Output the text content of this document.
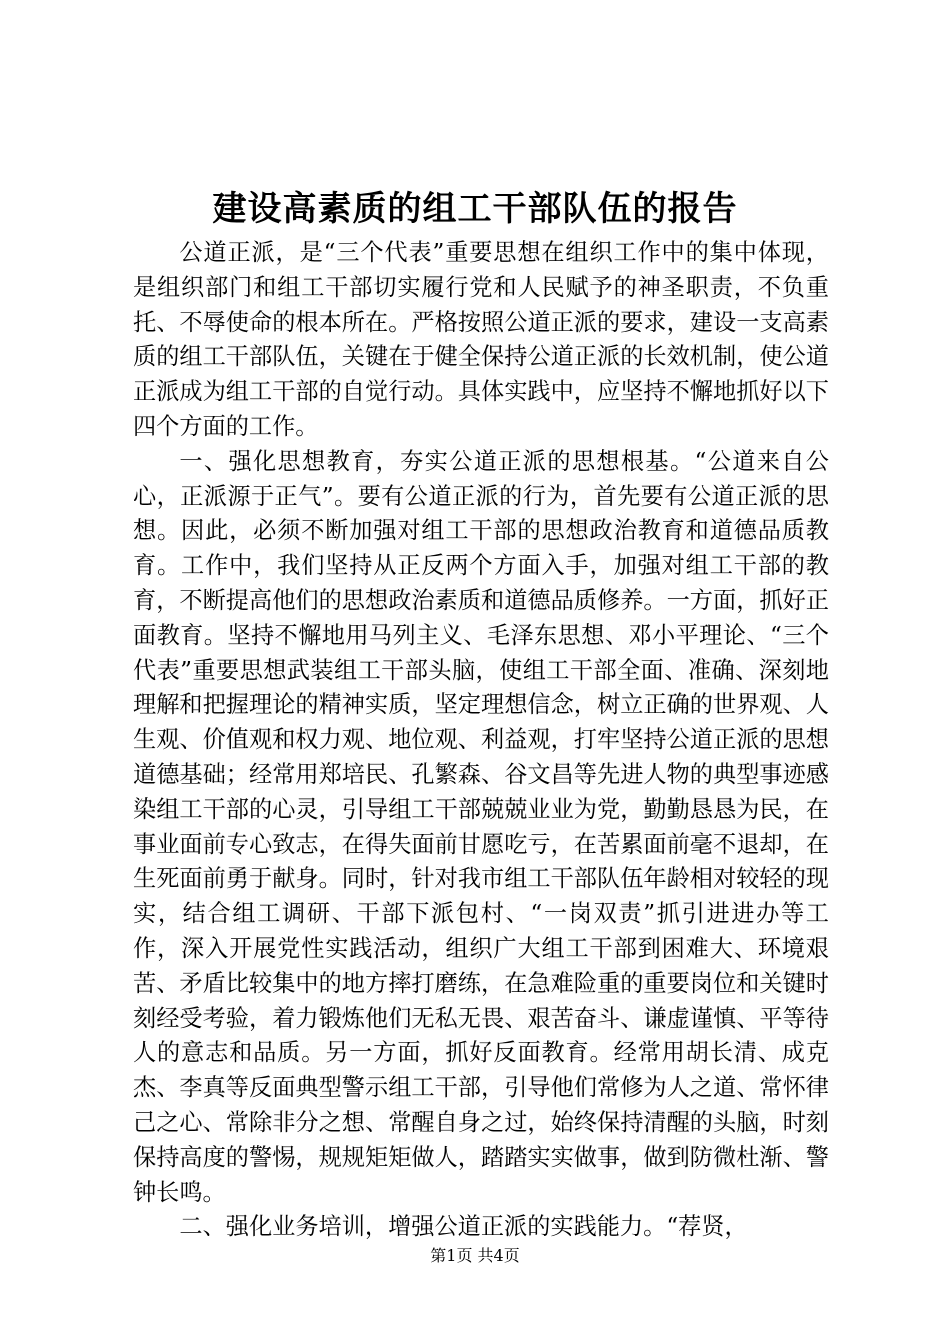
建设高素质的组工干部队伍的报告

公道正派，是“三个代表”重要思想在组织工作中的集中体现，是组织部门和组工干部切实履行党和人民赋予的神圣职责，不负重托、不辱使命的根本所在。严格按照公道正派的要求，建设一支高素质的组工干部队伍，关键在于健全保持公道正派的长效机制，使公道正派成为组工干部的自觉行动。具体实践中，应坚持不懈地抓好以下四个方面的工作。

一、强化思想教育，夯实公道正派的思想根基。“公道来自公心，正派源于正气”。要有公道正派的行为，首先要有公道正派的思想。因此，必须不断加强对组工干部的思想政治教育和道德品质教育。工作中，我们坚持从正反两个方面入手，加强对组工干部的教育，不断提高他们的思想政治素质和道德品质修养。一方面，抓好正面教育。坚持不懈地用马列主义、毛泽东思想、邓小平理论、“三个代表”重要思想武装组工干部头脑，使组工干部全面、准确、深刻地理解和把握理论的精神实质，坚定理想信念，树立正确的世界观、人生观、价值观和权力观、地位观、利益观，打牢坚持公道正派的思想道德基础；经常用郑培民、孔繁森、谷文昌等先进人物的典型事迹感染组工干部的心灵，引导组工干部兢兢业业为党，勤勤恳恳为民，在事业面前专心致志，在得失面前甘愿吃亏，在苦累面前毫不退却，在生死面前勇于献身。同时，针对我市组工干部队伍年龄相对较轻的现实，结合组工调研、干部下派包村、“一岗双责”抓引进进办等工作，深入开展党性实践活动，组织广大组工干部到困难大、环境艰苦、矛盾比较集中的地方摔打磨练，在急难险重的重要岗位和关键时刻经受考验，着力锻炼他们无私无畏、艰苦奋斗、谦虚谨慎、平等待人的意志和品质。另一方面，抓好反面教育。经常用胡长清、成克杰、李真等反面典型警示组工干部，引导他们常修为人之道、常怀律己之心、常除非分之想、常醒自身之过，始终保持清醒的头脑，时刻保持高度的警惕，规规矩矩做人，踏踏实实做事，做到防微杜渐、警钟长鸣。

二、强化业务培训，增强公道正派的实践能力。“荐贤，

第1页 共4页
